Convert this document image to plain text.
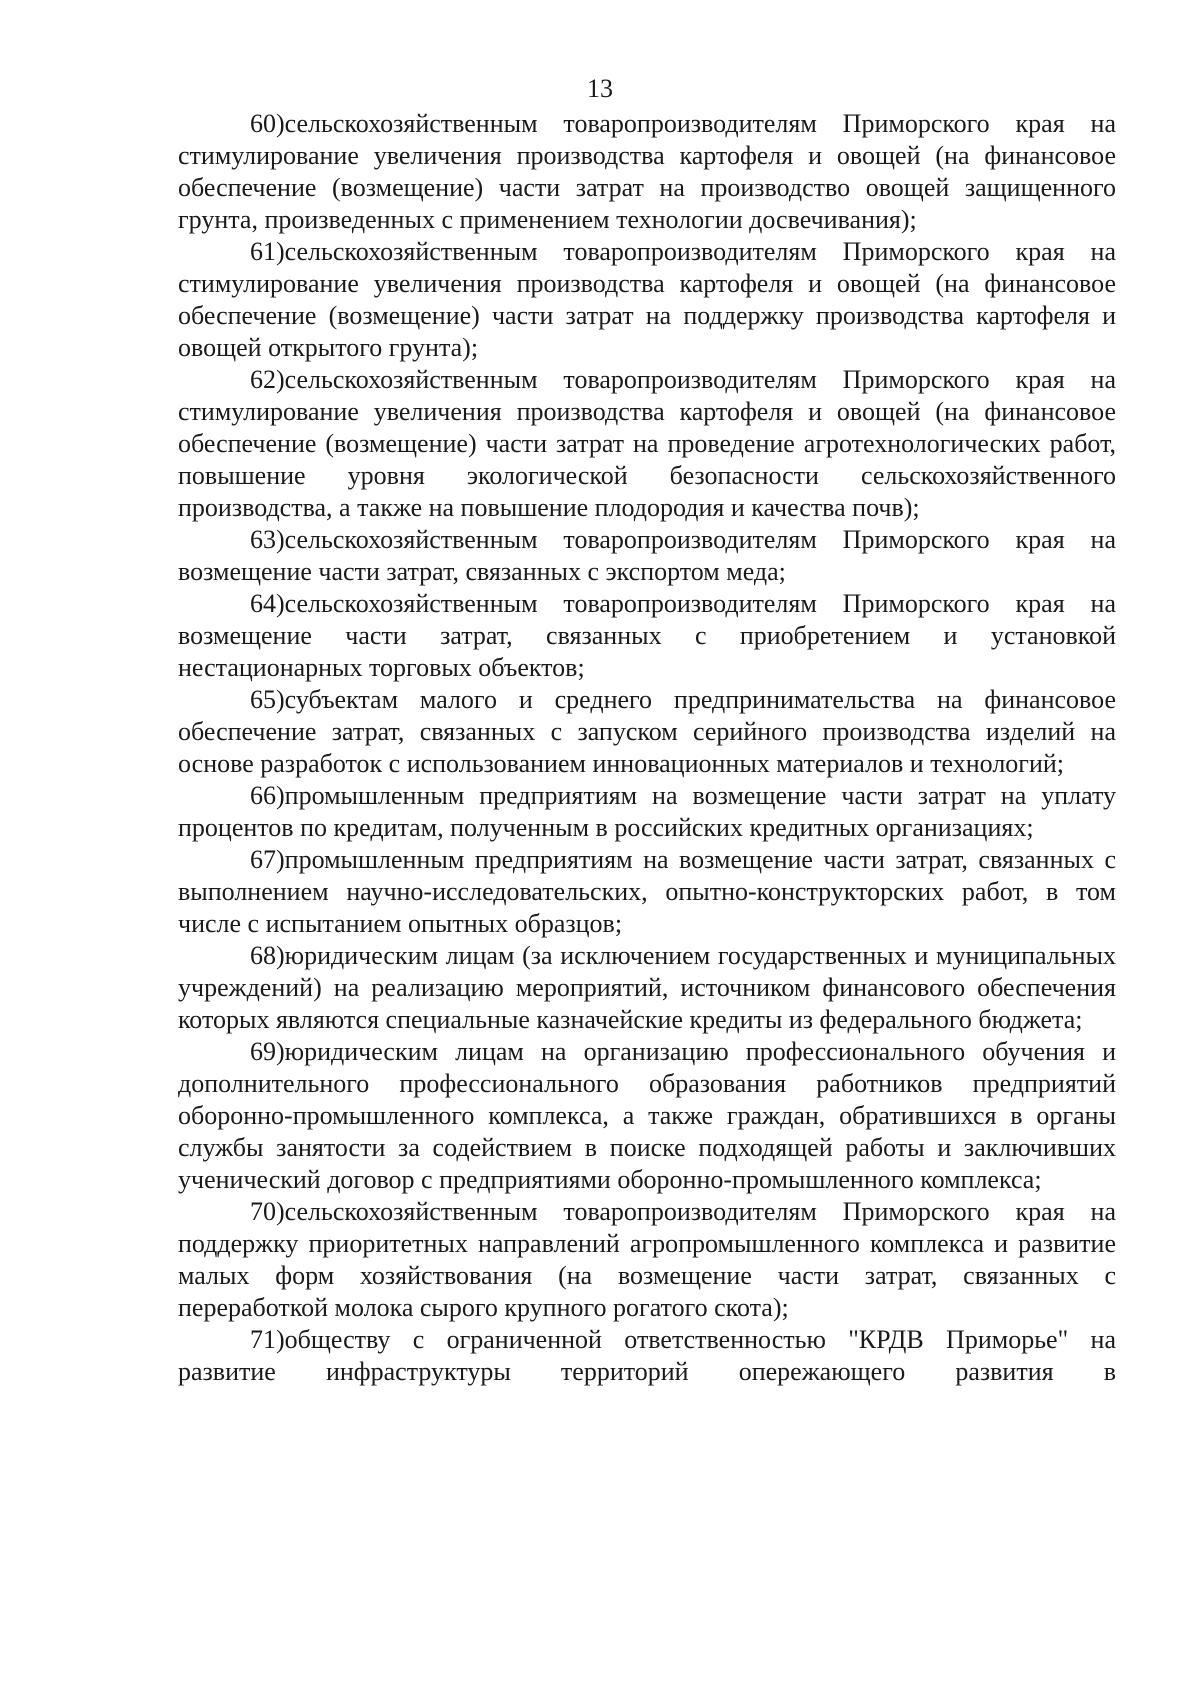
13

60)сельскохозяйственным товаропроизводителям Приморского края на стимулирование увеличения производства картофеля и овощей (на финансовое обеспечение (возмещение) части затрат на производство овощей защищенного грунта, произведенных с применением технологии досвечивания);

61)сельскохозяйственным товаропроизводителям Приморского края на стимулирование увеличения производства картофеля и овощей (на финансовое обеспечение (возмещение) части затрат на поддержку производства картофеля и овощей открытого грунта);

62)сельскохозяйственным товаропроизводителям Приморского края на стимулирование увеличения производства картофеля и овощей (на финансовое обеспечение (возмещение) части затрат на проведение агротехнологических работ, повышение уровня экологической безопасности сельскохозяйственного производства, а также на повышение плодородия и качества почв);

63)сельскохозяйственным товаропроизводителям Приморского края на возмещение части затрат, связанных с экспортом меда;

64)сельскохозяйственным товаропроизводителям Приморского края на возмещение части затрат, связанных с приобретением и установкой нестационарных торговых объектов;

65)субъектам малого и среднего предпринимательства на финансовое обеспечение затрат, связанных с запуском серийного производства изделий на основе разработок с использованием инновационных материалов и технологий;

66)промышленным предприятиям на возмещение части затрат на уплату процентов по кредитам, полученным в российских кредитных организациях;

67)промышленным предприятиям на возмещение части затрат, связанных с выполнением научно-исследовательских, опытно-конструкторских работ, в том числе с испытанием опытных образцов;

68)юридическим лицам (за исключением государственных и муниципальных учреждений) на реализацию мероприятий, источником финансового обеспечения которых являются специальные казначейские кредиты из федерального бюджета;

69)юридическим лицам на организацию профессионального обучения и дополнительного профессионального образования работников предприятий оборонно-промышленного комплекса, а также граждан, обратившихся в органы службы занятости за содействием в поиске подходящей работы и заключивших ученический договор с предприятиями оборонно-промышленного комплекса;

70)сельскохозяйственным товаропроизводителям Приморского края на поддержку приоритетных направлений агропромышленного комплекса и развитие малых форм хозяйствования (на возмещение части затрат, связанных с переработкой молока сырого крупного рогатого скота);

71)обществу с ограниченной ответственностью "КРДВ Приморье" на развитие инфраструктуры территорий опережающего развития в
